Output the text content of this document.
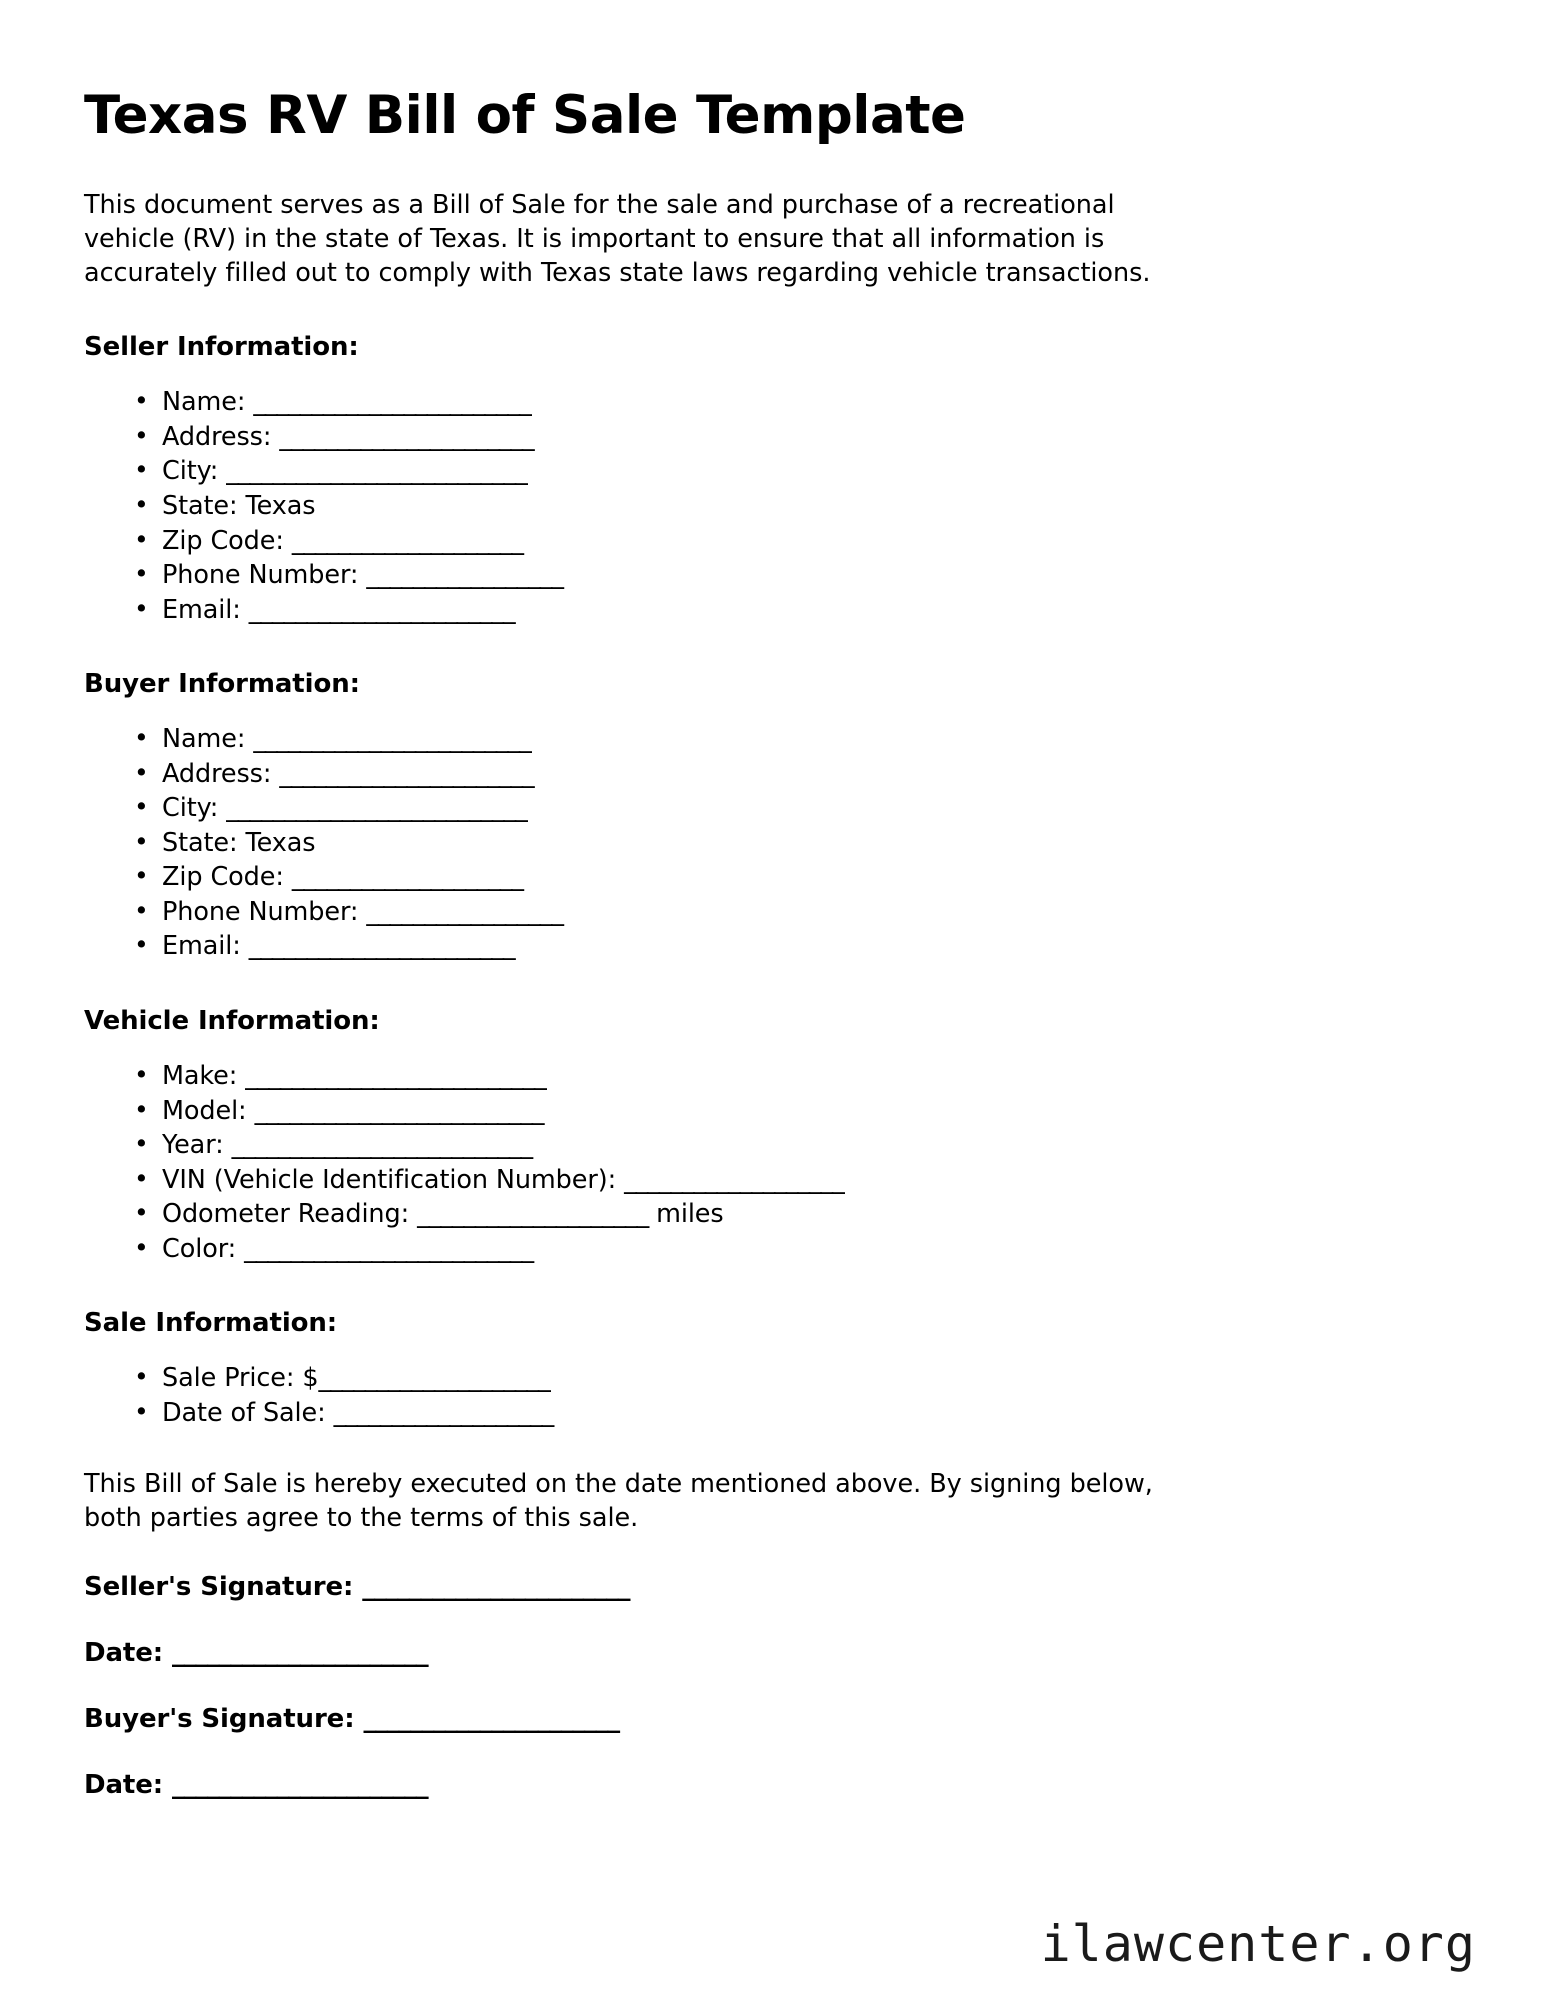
Texas RV Bill of Sale Template

This document serves as a Bill of Sale for the sale and purchase of a recreational vehicle (RV) in the state of Texas. It is important to ensure that all information is accurately filled out to comply with Texas state laws regarding vehicle transactions.

Seller Information:
• Name: ________________________
• Address: ______________________
• City: __________________________
• State: Texas
• Zip Code: ____________________
• Phone Number: _________________
• Email: _______________________
Buyer Information:
• Name: ________________________
• Address: ______________________
• City: __________________________
• State: Texas
• Zip Code: ____________________
• Phone Number: _________________
• Email: _______________________
Vehicle Information:
• Make: __________________________
• Model: _________________________
• Year: __________________________
• VIN (Vehicle Identification Number): ___________________
• Odometer Reading: ____________________ miles
• Color: _________________________
Sale Information:
• Sale Price: $____________________
• Date of Sale: ___________________

This Bill of Sale is hereby executed on the date mentioned above. By signing below, both parties agree to the terms of this sale.

Seller's Signature: _______________________
Date: ______________________
Buyer's Signature: ______________________
Date: ______________________
ilawcenter.org
